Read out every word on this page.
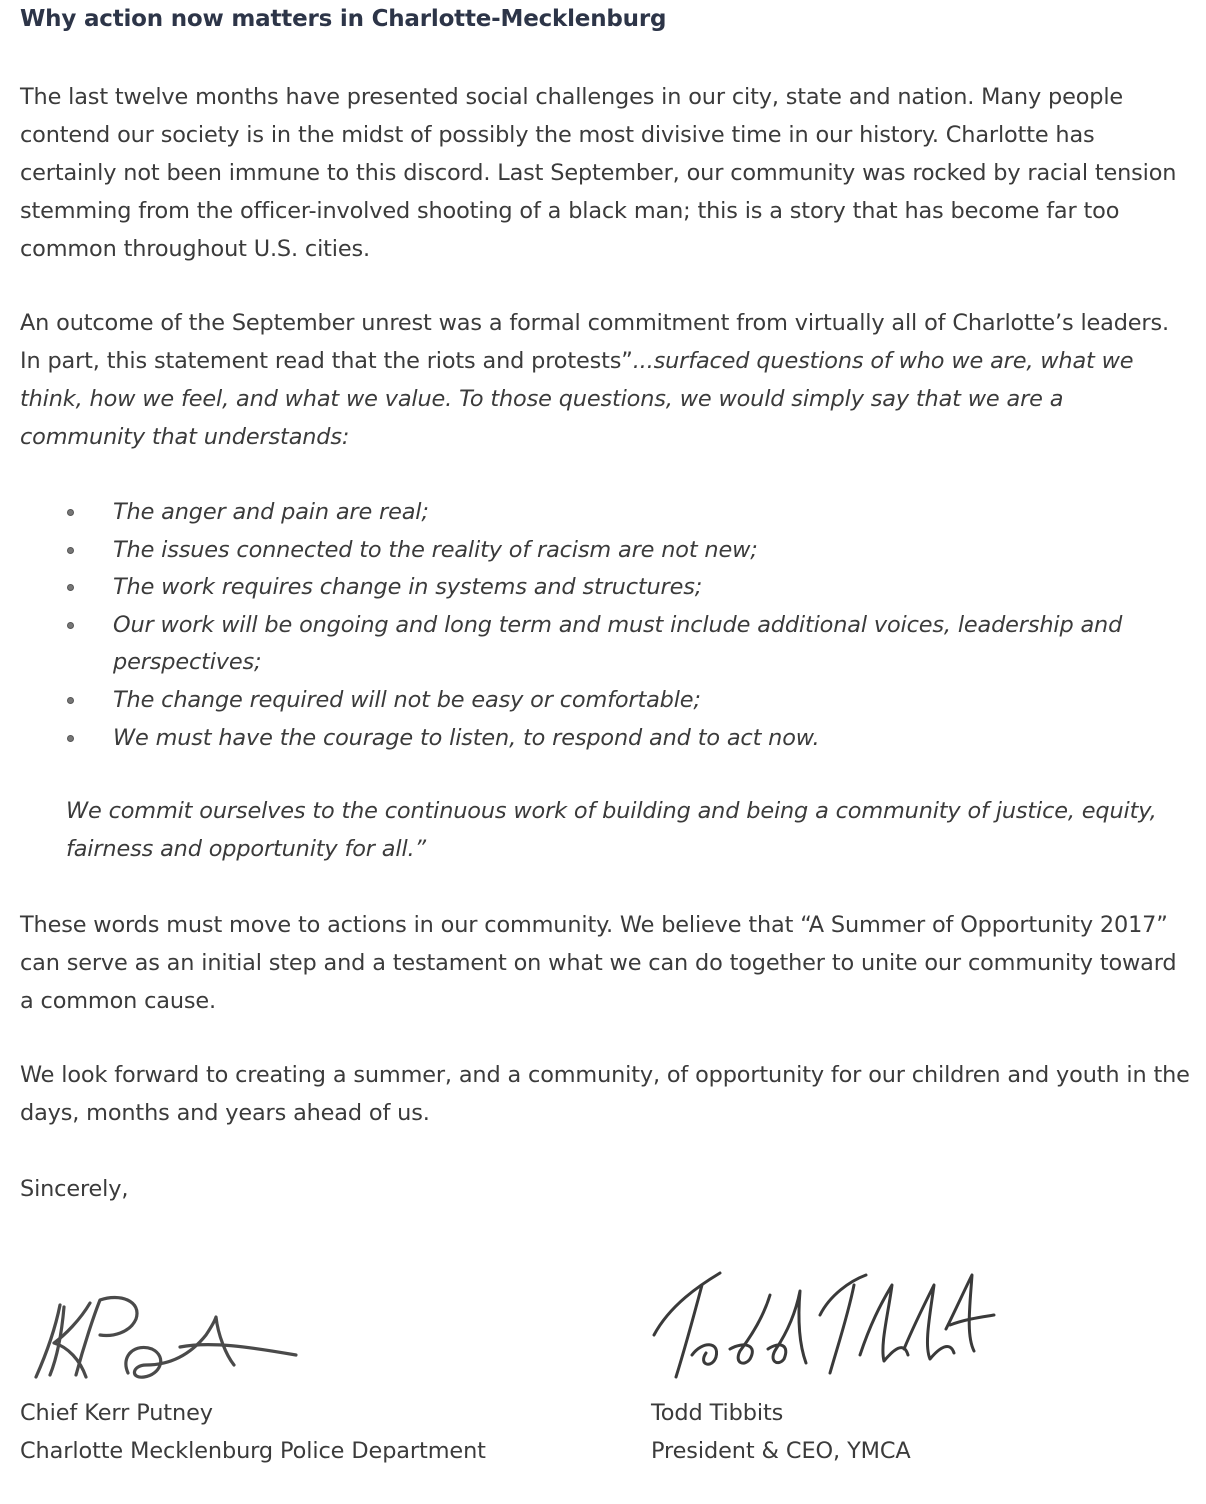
Why action now matters in Charlotte-Mecklenburg

The last twelve months have presented social challenges in our city, state and nation. Many people contend our society is in the midst of possibly the most divisive time in our history. Charlotte has certainly not been immune to this discord. Last September, our community was rocked by racial tension stemming from the officer-involved shooting of a black man; this is a story that has become far too common throughout U.S. cities.

An outcome of the September unrest was a formal commitment from virtually all of Charlotte’s leaders. In part, this statement read that the riots and protests”...surfaced questions of who we are, what we think, how we feel, and what we value. To those questions, we would simply say that we are a community that understands:

The anger and pain are real;
The issues connected to the reality of racism are not new;
The work requires change in systems and structures;
Our work will be ongoing and long term and must include additional voices, leadership and perspectives;
The change required will not be easy or comfortable;
We must have the courage to listen, to respond and to act now.

We commit ourselves to the continuous work of building and being a community of justice, equity, fairness and opportunity for all.”

These words must move to actions in our community. We believe that “A Summer of Opportunity 2017” can serve as an initial step and a testament on what we can do together to unite our community toward a common cause.

We look forward to creating a summer, and a community, of opportunity for our children and youth in the days, months and years ahead of us.

Sincerely,

Chief Kerr Putney
Charlotte Mecklenburg Police Department
Todd Tibbits
President & CEO, YMCA
